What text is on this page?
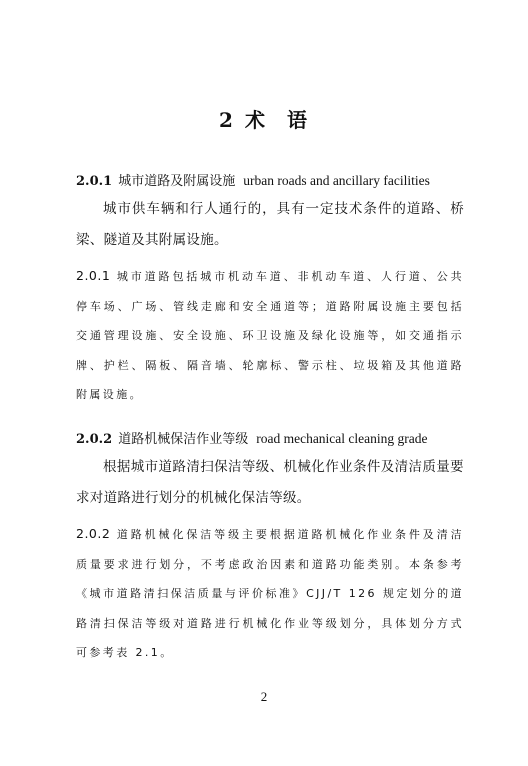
2 术 语
2.0.1 城市道路及附属设施 urban roads and ancillary facilities

城市供车辆和行人通行的，具有一定技术条件的道路、桥梁、隧道及其附属设施。

2.0.1 城市道路包括城市机动车道、非机动车道、人行道、公共停车场、广场、管线走廊和安全通道等；道路附属设施主要包括交通管理设施、安全设施、环卫设施及绿化设施等，如交通指示牌、护栏、隔板、隔音墙、轮廓标、警示柱、垃圾箱及其他道路附属设施。

2.0.2 道路机械保洁作业等级 road mechanical cleaning grade

根据城市道路清扫保洁等级、机械化作业条件及清洁质量要求对道路进行划分的机械化保洁等级。

2.0.2 道路机械化保洁等级主要根据道路机械化作业条件及清洁质量要求进行划分，不考虑政治因素和道路功能类别。本条参考《城市道路清扫保洁质量与评价标准》CJJ/T 126 规定划分的道路清扫保洁等级对道路进行机械化作业等级划分，具体划分方式可参考表 2.1。

2
